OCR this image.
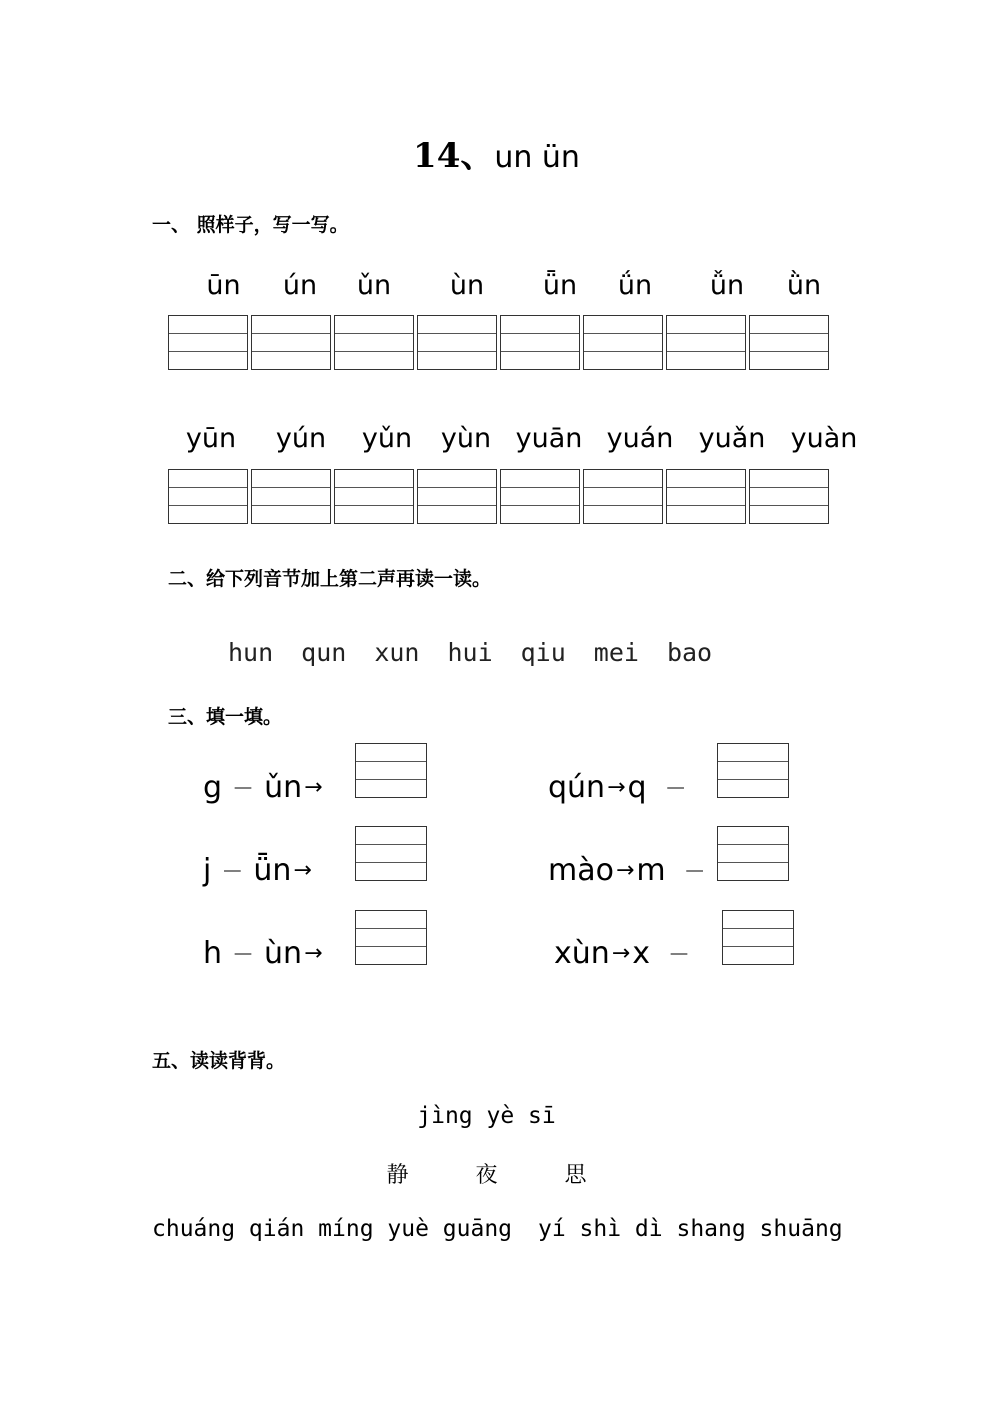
14、un ün
一、 照样子，写一写。
ūn	ún	ǔn	ùn	ǖn	ǘn	ǚn	ǜn
yūn	yún	yǔn	yùn yuān yuán yuǎn yuàn
二、给下列音节加上第二声再读一读。
hun qun xun hui qiu mei bao
三、填一填。
g － ǔn →
j － ǖn →
h － ùn →
qún → q －
mào → m －
xùn → x －
五、读读背背。
jìng yè sī
静 夜 思
chuáng qián míng yuè guāng yí shì dì shang shuāng
